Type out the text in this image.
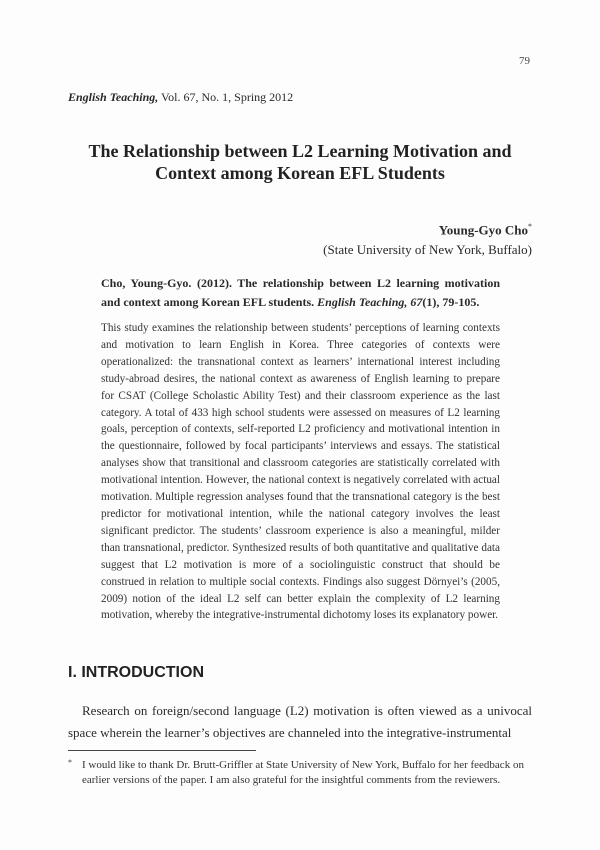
79
English Teaching, Vol. 67, No. 1, Spring 2012
The Relationship between L2 Learning Motivation and
Context among Korean EFL Students
Young-Gyo Cho*
(State University of New York, Buffalo)
Cho, Young-Gyo. (2012). The relationship between L2 learning motivation and context among Korean EFL students. English Teaching, 67(1), 79-105.
This study examines the relationship between students’ perceptions of learning contexts and motivation to learn English in Korea. Three categories of contexts were operationalized: the transnational context as learners’ international interest including study-abroad desires, the national context as awareness of English learning to prepare for CSAT (College Scholastic Ability Test) and their classroom experience as the last category. A total of 433 high school students were assessed on measures of L2 learning goals, perception of contexts, self-reported L2 proficiency and motivational intention in the questionnaire, followed by focal participants’ interviews and essays. The statistical analyses show that transitional and classroom categories are statistically correlated with motivational intention. However, the national context is negatively correlated with actual motivation. Multiple regression analyses found that the transnational category is the best predictor for motivational intention, while the national category involves the least significant predictor. The students’ classroom experience is also a meaningful, milder than transnational, predictor. Synthesized results of both quantitative and qualitative data suggest that L2 motivation is more of a sociolinguistic construct that should be construed in relation to multiple social contexts. Findings also suggest Dörnyei’s (2005, 2009) notion of the ideal L2 self can better explain the complexity of L2 learning motivation, whereby the integrative-instrumental dichotomy loses its explanatory power.
I. INTRODUCTION
Research on foreign/second language (L2) motivation is often viewed as a univocal space wherein the learner’s objectives are channeled into the integrative-instrumental
* I would like to thank Dr. Brutt-Griffler at State University of New York, Buffalo for her feedback on earlier versions of the paper. I am also grateful for the insightful comments from the reviewers.
